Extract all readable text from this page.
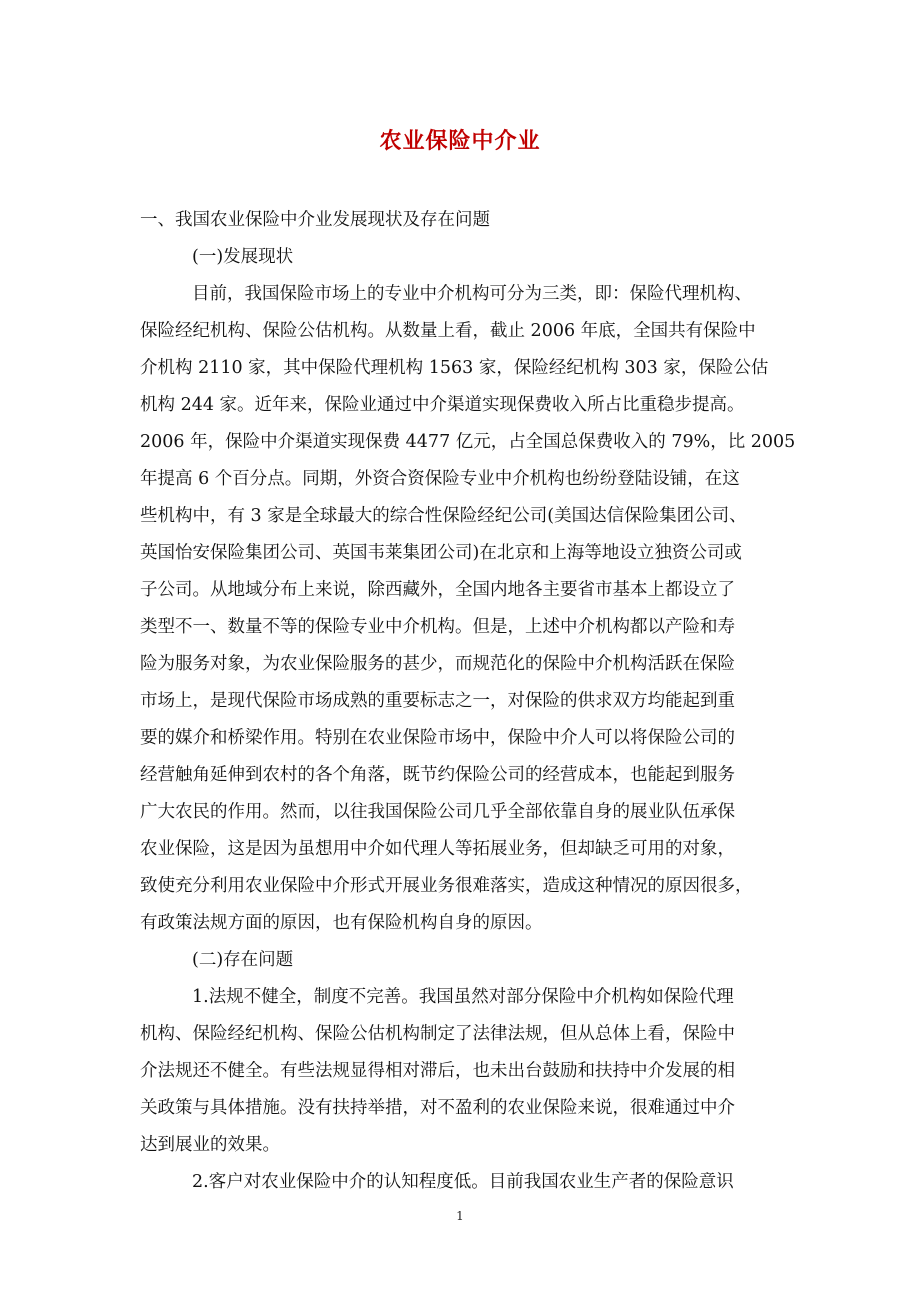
农业保险中介业
一、我国农业保险中介业发展现状及存在问题
(一)发展现状
目前，我国保险市场上的专业中介机构可分为三类，即：保险代理机构、
保险经纪机构、保险公估机构。从数量上看，截止 2006 年底，全国共有保险中
介机构 2110 家，其中保险代理机构 1563 家，保险经纪机构 303 家，保险公估
机构 244 家。近年来，保险业通过中介渠道实现保费收入所占比重稳步提高。
2006 年，保险中介渠道实现保费 4477 亿元，占全国总保费收入的 79%，比 2005
年提高 6 个百分点。同期，外资合资保险专业中介机构也纷纷登陆设铺，在这
些机构中，有 3 家是全球最大的综合性保险经纪公司(美国达信保险集团公司、
英国怡安保险集团公司、英国韦莱集团公司)在北京和上海等地设立独资公司或
子公司。从地域分布上来说，除西藏外，全国内地各主要省市基本上都设立了
类型不一、数量不等的保险专业中介机构。但是，上述中介机构都以产险和寿
险为服务对象，为农业保险服务的甚少，而规范化的保险中介机构活跃在保险
市场上，是现代保险市场成熟的重要标志之一，对保险的供求双方均能起到重
要的媒介和桥梁作用。特别在农业保险市场中，保险中介人可以将保险公司的
经营触角延伸到农村的各个角落，既节约保险公司的经营成本，也能起到服务
广大农民的作用。然而，以往我国保险公司几乎全部依靠自身的展业队伍承保
农业保险，这是因为虽想用中介如代理人等拓展业务，但却缺乏可用的对象，
致使充分利用农业保险中介形式开展业务很难落实，造成这种情况的原因很多，
有政策法规方面的原因，也有保险机构自身的原因。
(二)存在问题
1.法规不健全，制度不完善。我国虽然对部分保险中介机构如保险代理
机构、保险经纪机构、保险公估机构制定了法律法规，但从总体上看，保险中
介法规还不健全。有些法规显得相对滞后，也未出台鼓励和扶持中介发展的相
关政策与具体措施。没有扶持举措，对不盈利的农业保险来说，很难通过中介
达到展业的效果。
2.客户对农业保险中介的认知程度低。目前我国农业生产者的保险意识
1
